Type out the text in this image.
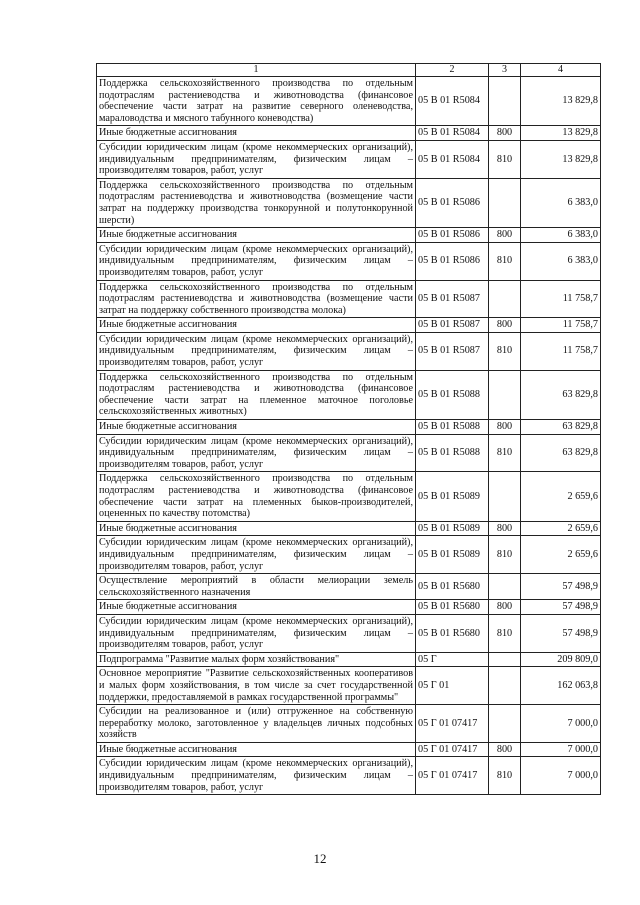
1	2	3	4
Поддержка сельскохозяйственного производства по отдельным подотраслям растениеводства и животноводства (финансовое обеспечение части затрат на развитие северного оленеводства, мараловодства и мясного табунного коневодства)	05 В 01 R5084		13 829,8
Иные бюджетные ассигнования	05 В 01 R5084	800	13 829,8
Субсидии юридическим лицам (кроме некоммерческих организаций), индивидуальным предпринимателям, физическим лицам – производителям товаров, работ, услуг	05 В 01 R5084	810	13 829,8
Поддержка сельскохозяйственного производства по отдельным подотраслям растениеводства и животноводства (возмещение части затрат на поддержку производства тонкорунной и полутонкорунной шерсти)	05 В 01 R5086		6 383,0
Иные бюджетные ассигнования	05 В 01 R5086	800	6 383,0
Субсидии юридическим лицам (кроме некоммерческих организаций), индивидуальным предпринимателям, физическим лицам – производителям товаров, работ, услуг	05 В 01 R5086	810	6 383,0
Поддержка сельскохозяйственного производства по отдельным подотраслям растениеводства и животноводства (возмещение части затрат на поддержку собственного производства молока)	05 В 01 R5087		11 758,7
Иные бюджетные ассигнования	05 В 01 R5087	800	11 758,7
Субсидии юридическим лицам (кроме некоммерческих организаций), индивидуальным предпринимателям, физическим лицам – производителям товаров, работ, услуг	05 В 01 R5087	810	11 758,7
Поддержка сельскохозяйственного производства по отдельным подотраслям растениеводства и животноводства (финансовое обеспечение части затрат на племенное маточное поголовье сельскохозяйственных животных)	05 В 01 R5088		63 829,8
Иные бюджетные ассигнования	05 В 01 R5088	800	63 829,8
Субсидии юридическим лицам (кроме некоммерческих организаций), индивидуальным предпринимателям, физическим лицам – производителям товаров, работ, услуг	05 В 01 R5088	810	63 829,8
Поддержка сельскохозяйственного производства по отдельным подотраслям растениеводства и животноводства (финансовое обеспечение части затрат на племенных быков-производителей, оцененных по качеству потомства)	05 В 01 R5089		2 659,6
Иные бюджетные ассигнования	05 В 01 R5089	800	2 659,6
Субсидии юридическим лицам (кроме некоммерческих организаций), индивидуальным предпринимателям, физическим лицам – производителям товаров, работ, услуг	05 В 01 R5089	810	2 659,6
Осуществление мероприятий в области мелиорации земель сельскохозяйственного назначения	05 В 01 R5680		57 498,9
Иные бюджетные ассигнования	05 В 01 R5680	800	57 498,9
Субсидии юридическим лицам (кроме некоммерческих организаций), индивидуальным предпринимателям, физическим лицам – производителям товаров, работ, услуг	05 В 01 R5680	810	57 498,9
Подпрограмма "Развитие малых форм хозяйствования"	05 Г		209 809,0
Основное мероприятие "Развитие сельскохозяйственных кооперативов и малых форм хозяйствования, в том числе за счет государственной поддержки, предоставляемой в рамках государственной программы"	05 Г 01		162 063,8
Субсидии на реализованное и (или) отгруженное на собственную переработку молоко, заготовленное у владельцев личных подсобных хозяйств	05 Г 01 07417		7 000,0
Иные бюджетные ассигнования	05 Г 01 07417	800	7 000,0
Субсидии юридическим лицам (кроме некоммерческих организаций), индивидуальным предпринимателям, физическим лицам – производителям товаров, работ, услуг	05 Г 01 07417	810	7 000,0
12
